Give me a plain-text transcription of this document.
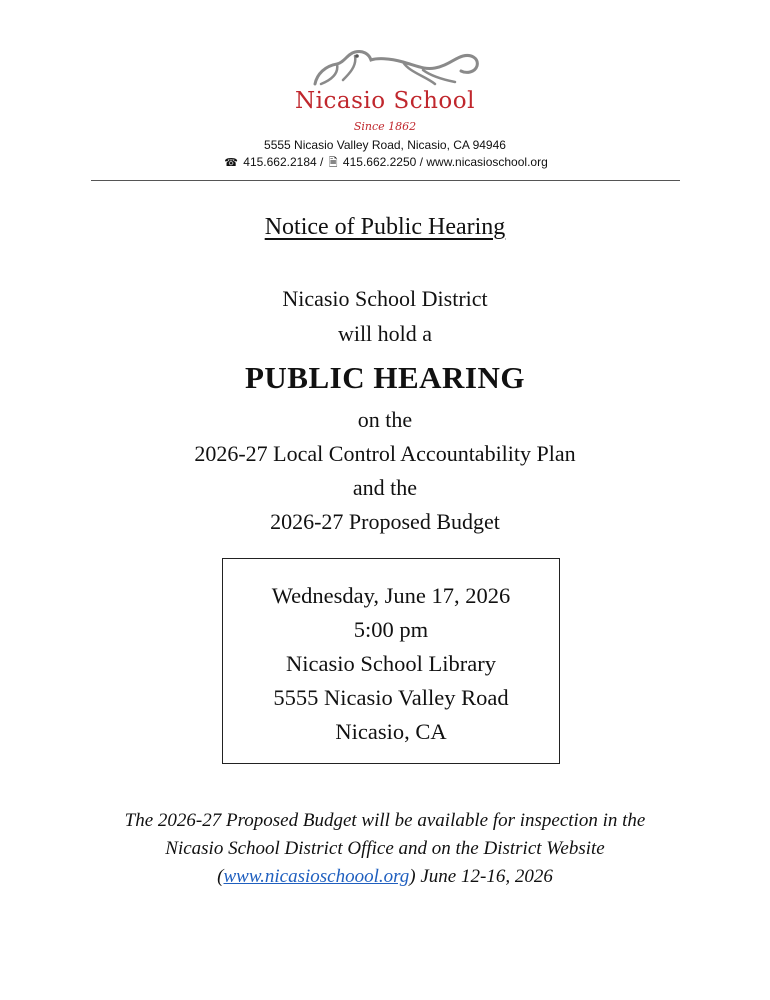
Nicasio School
Since 1862
5555 Nicasio Valley Road, Nicasio, CA 94946
☎ 415.662.2184 / 🗎 415.662.2250 / www.nicasioschool.org
Notice of Public Hearing
Nicasio School District
will hold a
PUBLIC HEARING
on the
2026-27 Local Control Accountability Plan
and the
2026-27 Proposed Budget
Wednesday, June 17, 2026
5:00 pm
Nicasio School Library
5555 Nicasio Valley Road
Nicasio, CA
The 2026-27 Proposed Budget will be available for inspection in the
Nicasio School District Office and on the District Website
(www.nicasioschoool.org) June 12-16, 2026
